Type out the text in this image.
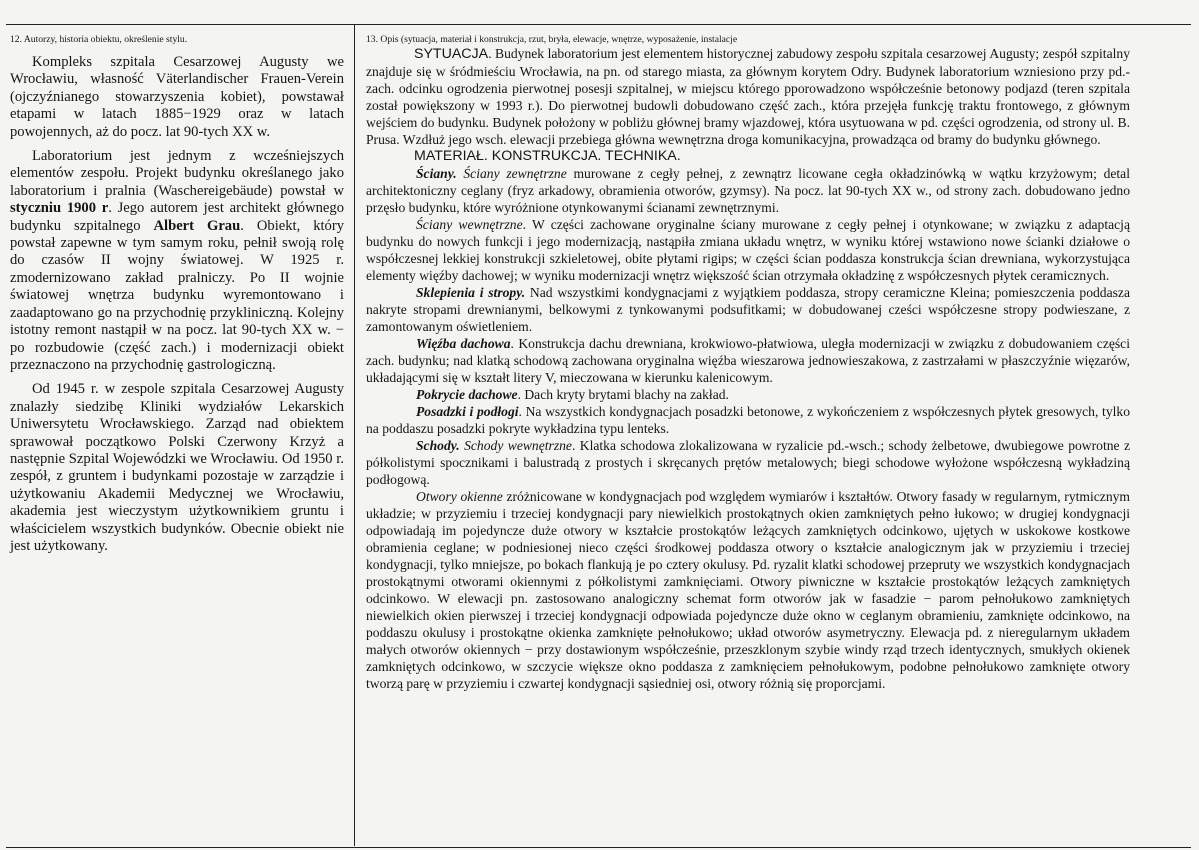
12. Autorzy, historia obiektu, określenie stylu.

Kompleks szpitala Cesarzowej Augusty we Wrocławiu, własność Väterlandischer Frauen-Verein (ojczyźnianego stowarzyszenia kobiet), powstawał etapami w latach 1885−1929 oraz w latach powojennych, aż do pocz. lat 90-tych XX w.

Laboratorium jest jednym z wcześniejszych elementów zespołu. Projekt budynku określanego jako laboratorium i pralnia (Waschereigebäude) powstał w styczniu 1900 r. Jego autorem jest architekt głównego budynku szpitalnego Albert Grau. Obiekt, który powstał zapewne w tym samym roku, pełnił swoją rolę do czasów II wojny światowej. W 1925 r. zmodernizowano zakład pralniczy. Po II wojnie światowej wnętrza budynku wyremontowano i zaadaptowano go na przychodnię przykliniczną. Kolejny istotny remont nastąpił w na pocz. lat 90-tych XX w. − po rozbudowie (część zach.) i modernizacji obiekt przeznaczono na przychodnię gastrologiczną.

Od 1945 r. w zespole szpitala Cesarzowej Augusty znalazły siedzibę Kliniki wydziałów Lekarskich Uniwersytetu Wrocławskiego. Zarząd nad obiektem sprawował początkowo Polski Czerwony Krzyż a następnie Szpital Wojewódzki we Wrocławiu. Od 1950 r. zespół, z gruntem i budynkami pozostaje w zarządzie i użytkowaniu Akademii Medycznej we Wrocławiu, akademia jest wieczystym użytkownikiem gruntu i właścicielem wszystkich budynków. Obecnie obiekt nie jest użytkowany.

13. Opis (sytuacja, materiał i konstrukcja, rzut, bryła, elewacje, wnętrze, wyposażenie, instalacje

SYTUACJA. Budynek laboratorium jest elementem historycznej zabudowy zespołu szpitala cesarzowej Augusty; zespół szpitalny znajduje się w śródmieściu Wrocławia, na pn. od starego miasta, za głównym korytem Odry. Budynek laboratorium wzniesiono przy pd.-zach. odcinku ogrodzenia pierwotnej posesji szpitalnej, w miejscu którego pporowadzono współcześnie betonowy podjazd (teren szpitala został powiększony w 1993 r.). Do pierwotnej budowli dobudowano część zach., która przejęła funkcję traktu frontowego, z głównym wejściem do budynku. Budynek położony w pobliżu głównej bramy wjazdowej, która usytuowana w pd. części ogrodzenia, od strony ul. B. Prusa. Wzdłuż jego wsch. elewacji przebiega główna wewnętrzna droga komunikacyjna, prowadząca od bramy do budynku głównego.

MATERIAŁ. KONSTRUKCJA. TECHNIKA.

Ściany. Ściany zewnętrzne murowane z cegły pełnej, z zewnątrz licowane cegła okładzinówką w wątku krzyżowym; detal architektoniczny ceglany (fryz arkadowy, obramienia otworów, gzymsy). Na pocz. lat 90-tych XX w., od strony zach. dobudowano jedno przęsło budynku, które wyróżnione otynkowanymi ścianami zewnętrznymi.

Ściany wewnętrzne. W części zachowane oryginalne ściany murowane z cegły pełnej i otynkowane; w związku z adaptacją budynku do nowych funkcji i jego modernizacją, nastąpiła zmiana układu wnętrz, w wyniku której wstawiono nowe ścianki działowe o współczesnej lekkiej konstrukcji szkieletowej, obite płytami rigips; w części ścian poddasza konstrukcja ścian drewniana, wykorzystująca elementy więźby dachowej; w wyniku modernizacji wnętrz większość ścian otrzymała okładzinę z współczesnych płytek ceramicznych.

Sklepienia i stropy. Nad wszystkimi kondygnacjami z wyjątkiem poddasza, stropy ceramiczne Kleina; pomieszczenia poddasza nakryte stropami drewnianymi, belkowymi z tynkowanymi podsufitkami; w dobudowanej cześci współczesne stropy podwieszane, z zamontowanym oświetleniem.

Więźba dachowa. Konstrukcja dachu drewniana, krokwiowo-płatwiowa, uległa modernizacji w związku z dobudowaniem części zach. budynku; nad klatką schodową zachowana oryginalna więźba wieszarowa jednowieszakowa, z zastrzałami w płaszczyźnie więzarów, układającymi się w kształt litery V, mieczowana w kierunku kalenicowym.

Pokrycie dachowe. Dach kryty brytami blachy na zakład.

Posadzki i podłogi. Na wszystkich kondygnacjach posadzki betonowe, z wykończeniem z współczesnych płytek gresowych, tylko na poddaszu posadzki pokryte wykładzina typu lenteks.

Schody. Schody wewnętrzne. Klatka schodowa zlokalizowana w ryzalicie pd.-wsch.; schody żelbetowe, dwubiegowe powrotne z półkolistymi spocznikami i balustradą z prostych i skręcanych prętów metalowych; biegi schodowe wyłożone współczesną wykładziną podłogową.

Otwory okienne zróżnicowane w kondygnacjach pod względem wymiarów i kształtów. Otwory fasady w regularnym, rytmicznym układzie; w przyziemiu i trzeciej kondygnacji pary niewielkich prostokątnych okien zamkniętych pełno łukowo; w drugiej kondygnacji odpowiadają im pojedyncze duże otwory w kształcie prostokątów leżących zamkniętych odcinkowo, ujętych w uskokowe kostkowe obramienia ceglane; w podniesionej nieco części środkowej poddasza otwory o kształcie analogicznym jak w przyziemiu i trzeciej kondygnacji, tylko mniejsze, po bokach flankują je po cztery okulusy. Pd. ryzalit klatki schodowej przepruty we wszystkich kondygnacjach prostokątnymi otworami okiennymi z półkolistymi zamknięciami. Otwory piwniczne w kształcie prostokątów leżących zamkniętych odcinkowo. W elewacji pn. zastosowano analogiczny schemat form otworów jak w fasadzie − parom pełnołukowo zamkniętych niewielkich okien pierwszej i trzeciej kondygnacji odpowiada pojedyncze duże okno w ceglanym obramieniu, zamknięte odcinkowo, na poddaszu okulusy i prostokątne okienka zamknięte pełnołukowo; układ otworów asymetryczny. Elewacja pd. z nieregularnym układem małych otworów okiennych − przy dostawionym współcześnie, przeszklonym szybie windy rząd trzech identycznych, smukłych okienek zamkniętych odcinkowo, w szczycie większe okno poddasza z zamknięciem pełnołukowym, podobne pełnołukowo zamknięte otwory tworzą parę w przyziemiu i czwartej kondygnacji sąsiedniej osi, otwory różnią się proporcjami.
